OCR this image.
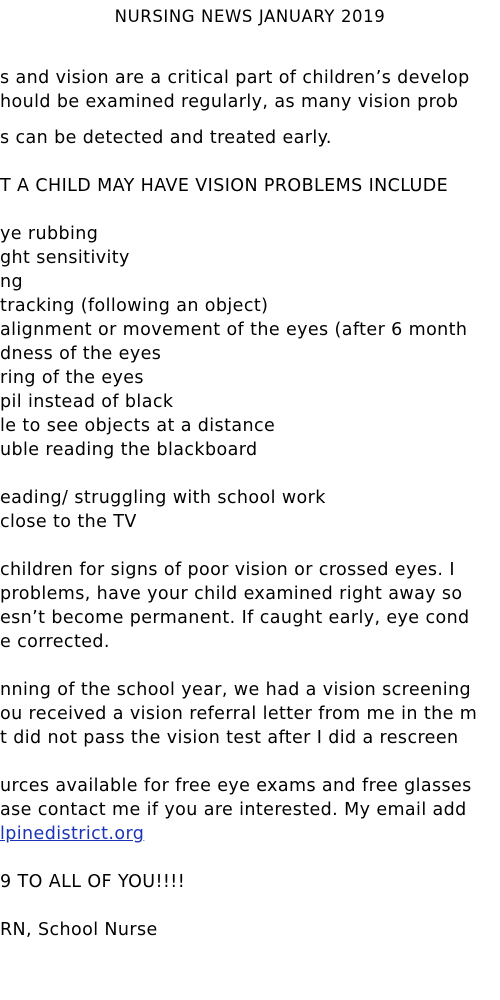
NURSING NEWS JANUARY 2019
s and vision are a critical part of children’s develop
hould be examined regularly, as many vision prob
s can be detected and treated early.
T A CHILD MAY HAVE VISION PROBLEMS INCLUDE
ye rubbing
ght sensitivity
ng
tracking (following an object)
alignment or movement of the eyes (after 6 month
dness of the eyes
ring of the eyes
pil instead of black
le to see objects at a distance
uble reading the blackboard
eading/ struggling with school work
close to the TV
children for signs of poor vision or crossed eyes. I
problems, have your child examined right away so
esn’t become permanent. If caught early, eye cond
e corrected.
nning of the school year, we had a vision screening
ou received a vision referral letter from me in the m
t did not pass the vision test after I did a rescreen
urces available for free eye exams and free glasses
ase contact me if you are interested. My email add
lpinedistrict.org
9 TO ALL OF YOU!!!!
RN, School Nurse
